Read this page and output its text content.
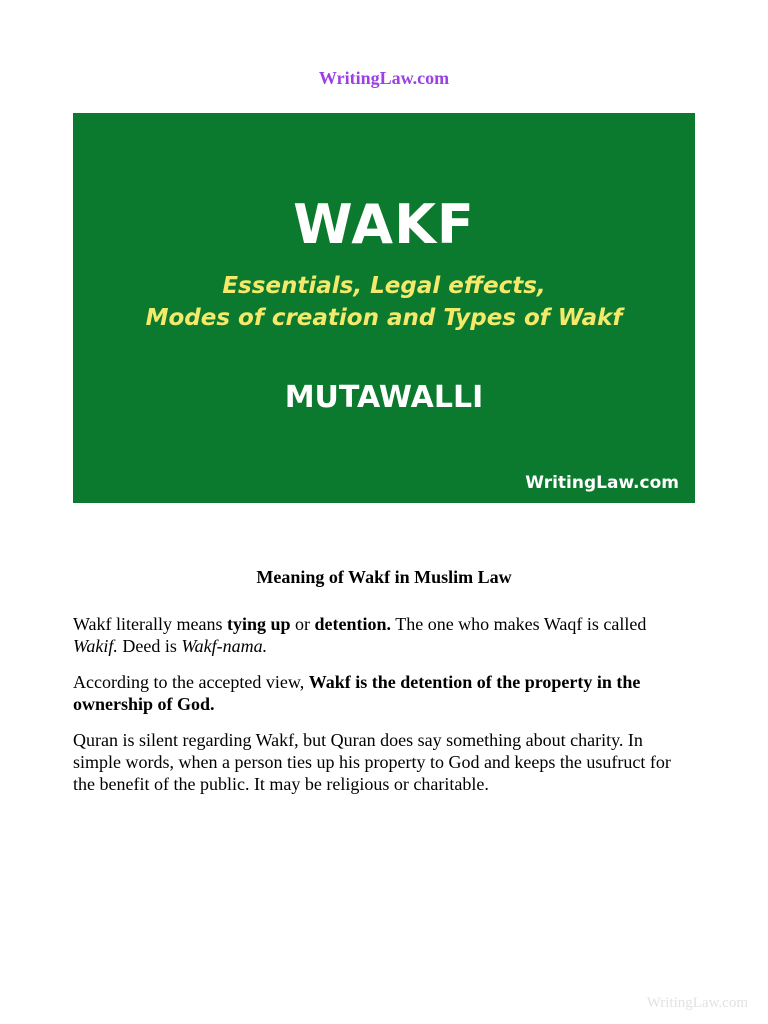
WritingLaw.com
WAKF
Essentials, Legal effects,
Modes of creation and Types of Wakf
MUTAWALLI
WritingLaw.com
Meaning of Wakf in Muslim Law

Wakf literally means tying up or detention. The one who makes Waqf is called Wakif. Deed is Wakf-nama.

According to the accepted view, Wakf is the detention of the property in the ownership of God.

Quran is silent regarding Wakf, but Quran does say something about charity. In simple words, when a person ties up his property to God and keeps the usufruct for the benefit of the public. It may be religious or charitable.

WritingLaw.com
